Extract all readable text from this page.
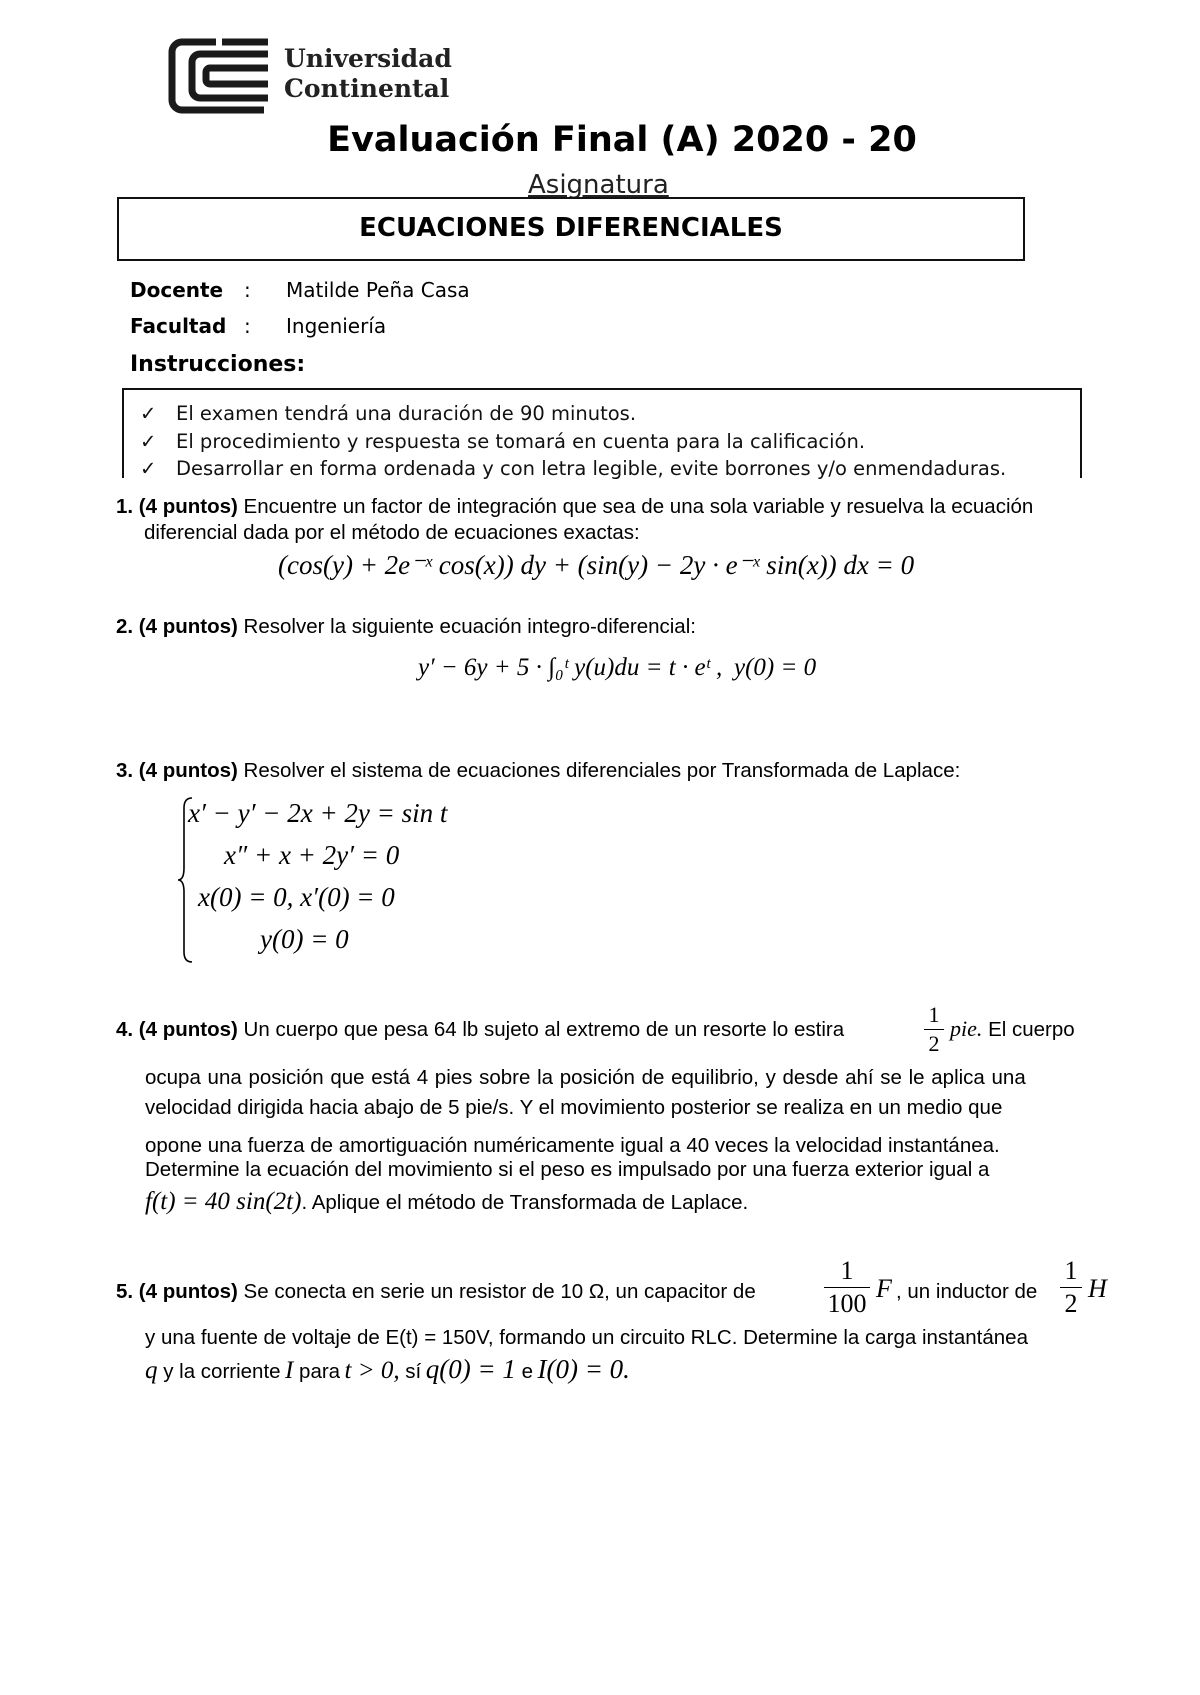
Universidad
Continental
Evaluación Final (A) 2020 - 20
Asignatura
ECUACIONES DIFERENCIALES
Docente	: Matilde Peña Casa
Facultad : Ingeniería
Instrucciones:
✓ El examen tendrá una duración de 90 minutos.
✓ El procedimiento y respuesta se tomará en cuenta para la calificación.
✓ Desarrollar en forma ordenada y con letra legible, evite borrones y/o enmendaduras.
1. (4 puntos) Encuentre un factor de integración que sea de una sola variable y resuelva la ecuación
diferencial dada por el método de ecuaciones exactas:
(cos(y) + 2e⁻ˣ cos(x)) dy + (sin(y) − 2y · e⁻ˣ sin(x)) dx = 0
2. (4 puntos) Resolver la siguiente ecuación integro-diferencial:
y′ − 6y + 5 · ∫₀ᵗ y(u)du = t · eᵗ , y(0) = 0
3. (4 puntos) Resolver el sistema de ecuaciones diferenciales por Transformada de Laplace:
x′ − y′ − 2x + 2y = sin t
x″ + x + 2y′ = 0
x(0) = 0, x′(0) = 0
y(0) = 0
4. (4 puntos) Un cuerpo que pesa 64 lb sujeto al extremo de un resorte lo estira
1
2
pie. El cuerpo
ocupa una posición que está 4 pies sobre la posición de equilibrio, y desde ahí se le aplica una
velocidad dirigida hacia abajo de 5 pie/s. Y el movimiento posterior se realiza en un medio que
opone una fuerza de amortiguación numéricamente igual a 40 veces la velocidad instantánea.
Determine la ecuación del movimiento si el peso es impulsado por una fuerza exterior igual a
f(t) = 40 sin(2t). Aplique el método de Transformada de Laplace.
5. (4 puntos) Se conecta en serie un resistor de 10 Ω, un capacitor de
1
100
F , un inductor de
1
2
H
y una fuente de voltaje de E(t) = 150V, formando un circuito RLC. Determine la carga instantánea
q y la corriente I para t > 0, sí q(0) = 1 e I(0) = 0.
